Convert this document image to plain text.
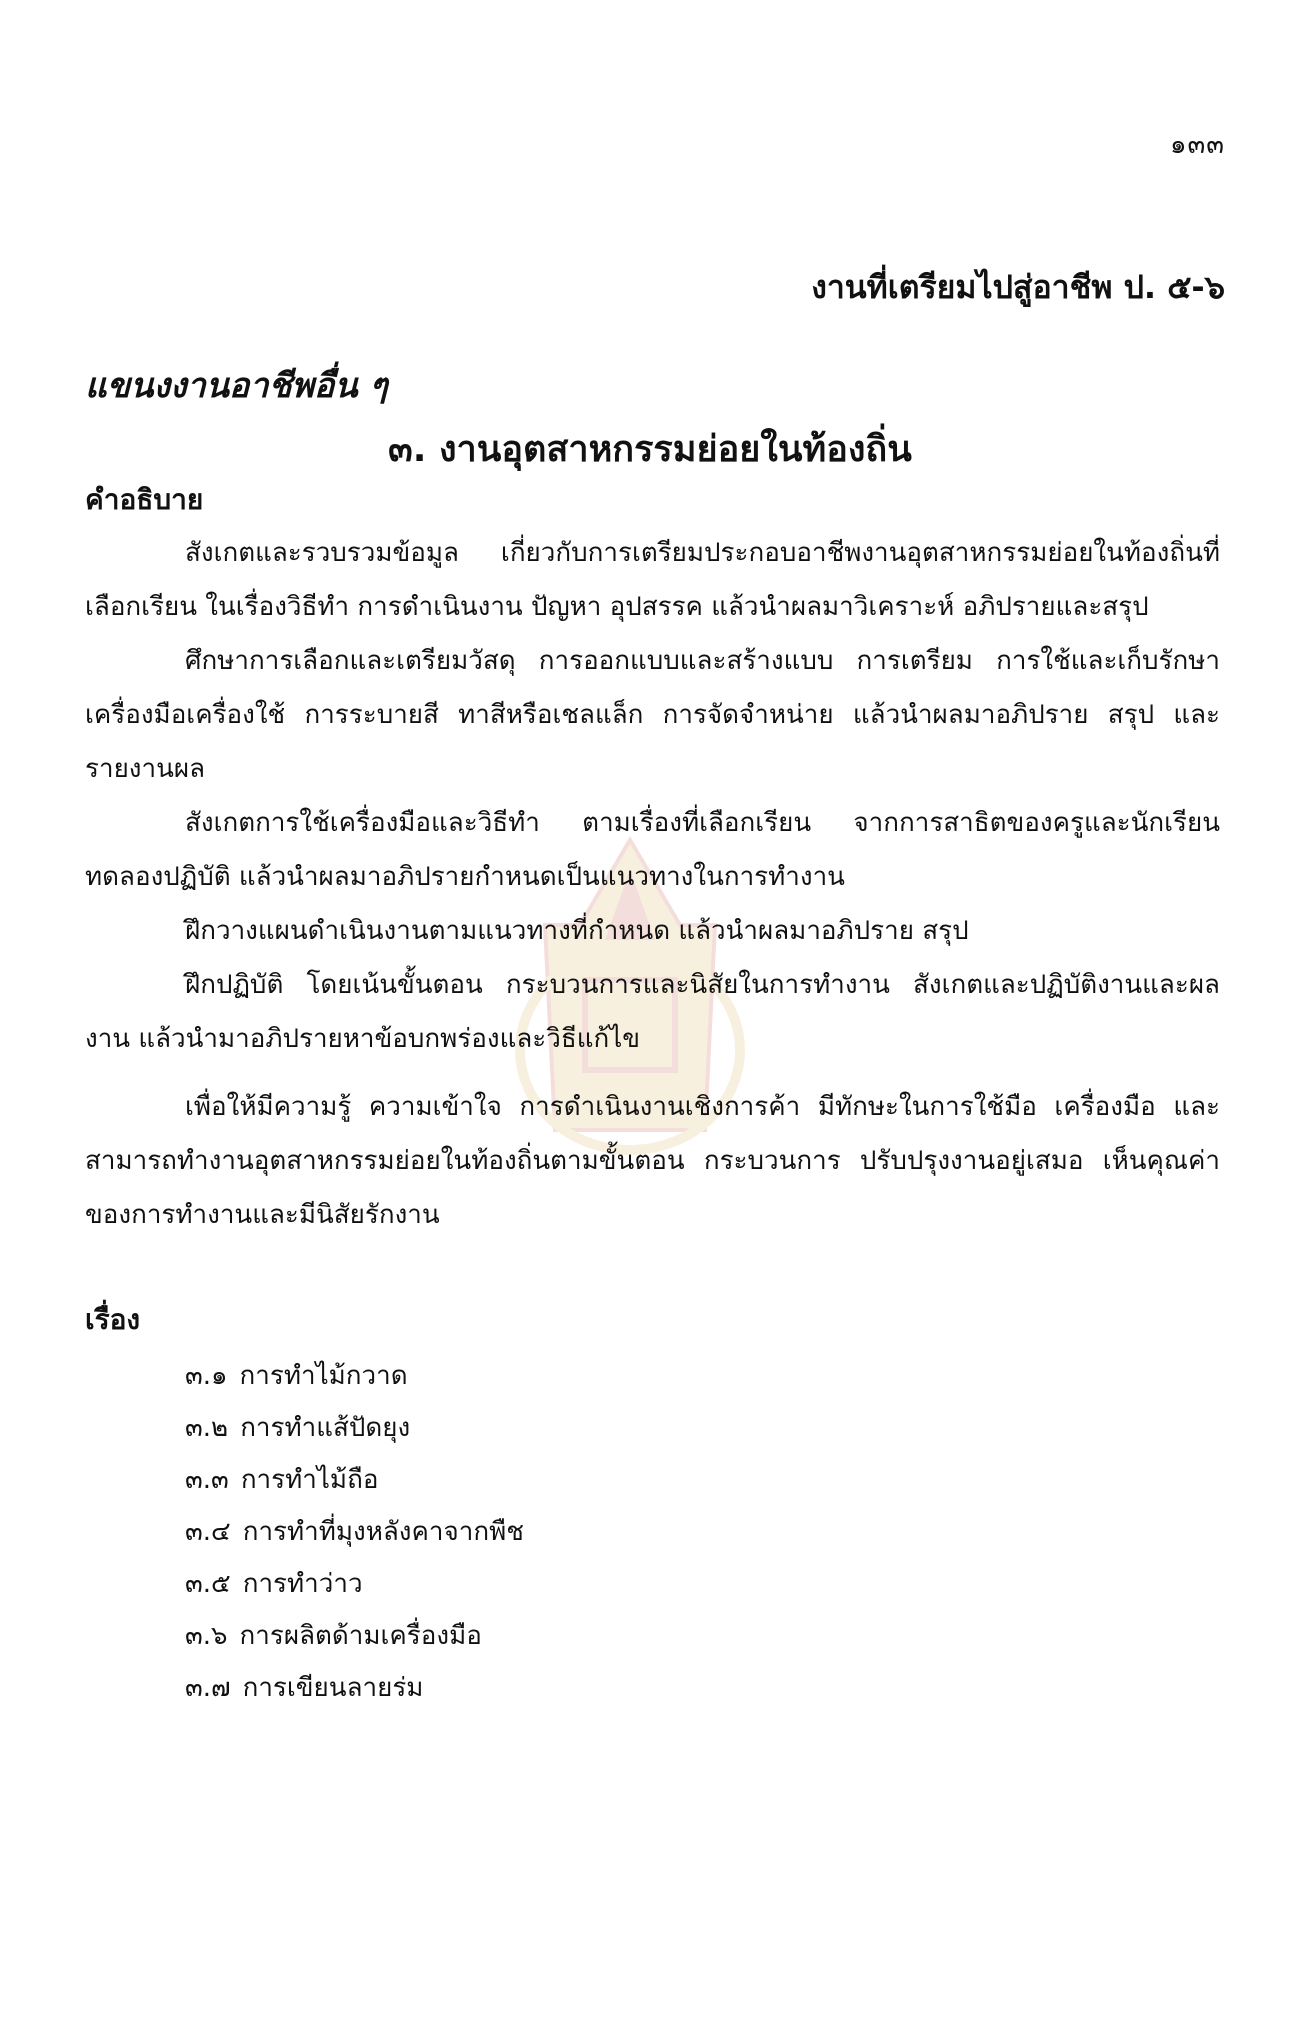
๑๓๓
งานที่เตรียมไปสู่อาชีพ ป. ๕-๖
แขนงงานอาชีพอื่น ๆ
๓. งานอุตสาหกรรมย่อยในท้องถิ่น
คำอธิบาย

สังเกตและรวบรวมข้อมูล เกี่ยวกับการเตรียมประกอบอาชีพงานอุตสาหกรรมย่อยในท้องถิ่นที่เลือกเรียน ในเรื่องวิธีทำ การดำเนินงาน ปัญหา อุปสรรค แล้วนำผลมาวิเคราะห์ อภิปรายและสรุป

ศึกษาการเลือกและเตรียมวัสดุ การออกแบบและสร้างแบบ การเตรียม การใช้และเก็บรักษา เครื่องมือเครื่องใช้ การระบายสี ทาสีหรือเชลแล็ก การจัดจำหน่าย แล้วนำผลมาอภิปราย สรุป และรายงานผล

สังเกตการใช้เครื่องมือและวิธีทำ ตามเรื่องที่เลือกเรียน จากการสาธิตของครูและนักเรียน ทดลองปฏิบัติ แล้วนำผลมาอภิปรายกำหนดเป็นแนวทางในการทำงาน

ฝึกวางแผนดำเนินงานตามแนวทางที่กำหนด แล้วนำผลมาอภิปราย สรุป

ฝึกปฏิบัติ โดยเน้นขั้นตอน กระบวนการและนิสัยในการทำงาน สังเกตและปฏิบัติงานและผลงาน แล้วนำมาอภิปรายหาข้อบกพร่องและวิธีแก้ไข

เพื่อให้มีความรู้ ความเข้าใจ การดำเนินงานเชิงการค้า มีทักษะในการใช้มือ เครื่องมือ และสามารถทำงานอุตสาหกรรมย่อยในท้องถิ่นตามขั้นตอน กระบวนการ ปรับปรุงงานอยู่เสมอ เห็นคุณค่าของการทำงานและมีนิสัยรักงาน

เรื่อง
๓.๑ การทำไม้กวาด
๓.๒ การทำแส้ปัดยุง
๓.๓ การทำไม้ถือ
๓.๔ การทำที่มุงหลังคาจากพืช
๓.๕ การทำว่าว
๓.๖ การผลิตด้ามเครื่องมือ
๓.๗ การเขียนลายร่ม
